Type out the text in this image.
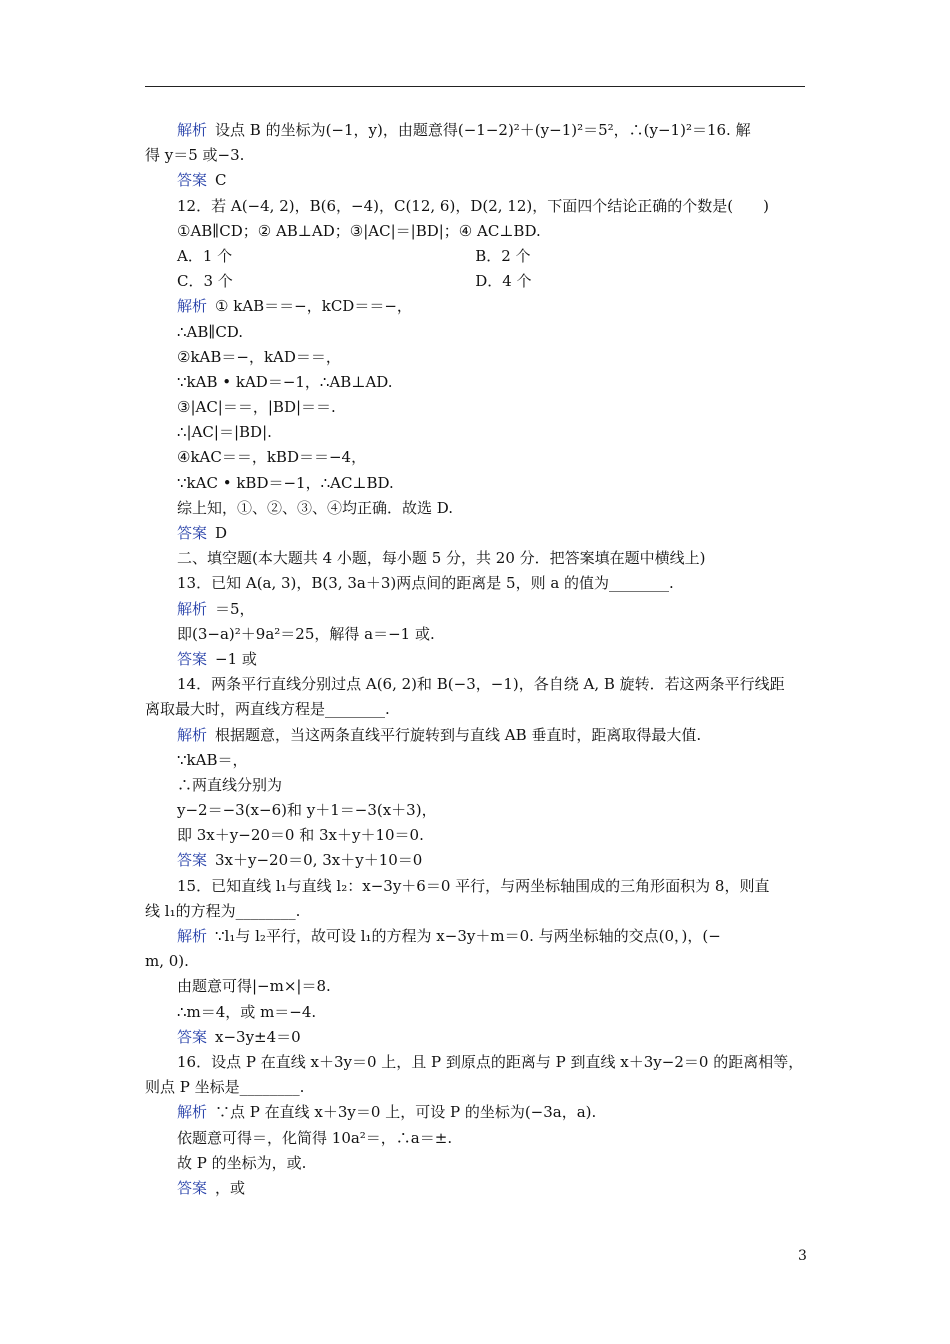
解析 设点 B 的坐标为(−1，y)，由题意得(−1−2)²＋(y−1)²＝5²，∴(y−1)²＝16. 解
得 y＝5 或−3.
答案 C
12．若 A(−4, 2)，B(6，−4)，C(12, 6)，D(2, 12)，下面四个结论正确的个数是(　　)
①AB∥CD；② AB⊥AD；③|AC|＝|BD|；④ AC⊥BD.
A．1 个	B．2 个
C．3 个	D．4 个
解析 ① kAB＝＝−，kCD＝＝−，
∴AB∥CD.
②kAB＝−，kAD＝＝，
∵kAB • kAD＝−1，∴AB⊥AD.
③|AC|＝＝，|BD|＝＝.
∴|AC|＝|BD|.
④kAC＝＝，kBD＝＝−4，
∵kAC • kBD＝−1，∴AC⊥BD.
综上知，①、②、③、④均正确．故选 D.
答案 D
二、填空题(本大题共 4 小题，每小题 5 分，共 20 分．把答案填在题中横线上)
13．已知 A(a, 3)，B(3, 3a＋3)两点间的距离是 5，则 a 的值为________.
解析 ＝5，
即(3−a)²＋9a²＝25，解得 a＝−1 或.
答案 −1 或
14．两条平行直线分别过点 A(6, 2)和 B(−3，−1)，各自绕 A, B 旋转．若这两条平行线距
离取最大时，两直线方程是________.
解析 根据题意，当这两条直线平行旋转到与直线 AB 垂直时，距离取得最大值.
∵kAB＝，
∴两直线分别为
y−2＝−3(x−6)和 y＋1＝−3(x＋3)，
即 3x＋y−20＝0 和 3x＋y＋10＝0.
答案 3x＋y−20＝0, 3x＋y＋10＝0
15．已知直线 l₁与直线 l₂：x−3y＋6＝0 平行，与两坐标轴围成的三角形面积为 8，则直
线 l₁的方程为________.
解析 ∵l₁与 l₂平行，故可设 l₁的方程为 x−3y＋m＝0. 与两坐标轴的交点(0，)，(−
m, 0).
由题意可得|−m×|＝8.
∴m＝4，或 m＝−4.
答案 x−3y±4＝0
16．设点 P 在直线 x＋3y＝0 上，且 P 到原点的距离与 P 到直线 x＋3y−2＝0 的距离相等，
则点 P 坐标是________.
解析 ∵点 P 在直线 x＋3y＝0 上，可设 P 的坐标为(−3a，a).
依题意可得＝，化简得 10a²＝，∴a＝±.
故 P 的坐标为，或.
答案 ，或
3
